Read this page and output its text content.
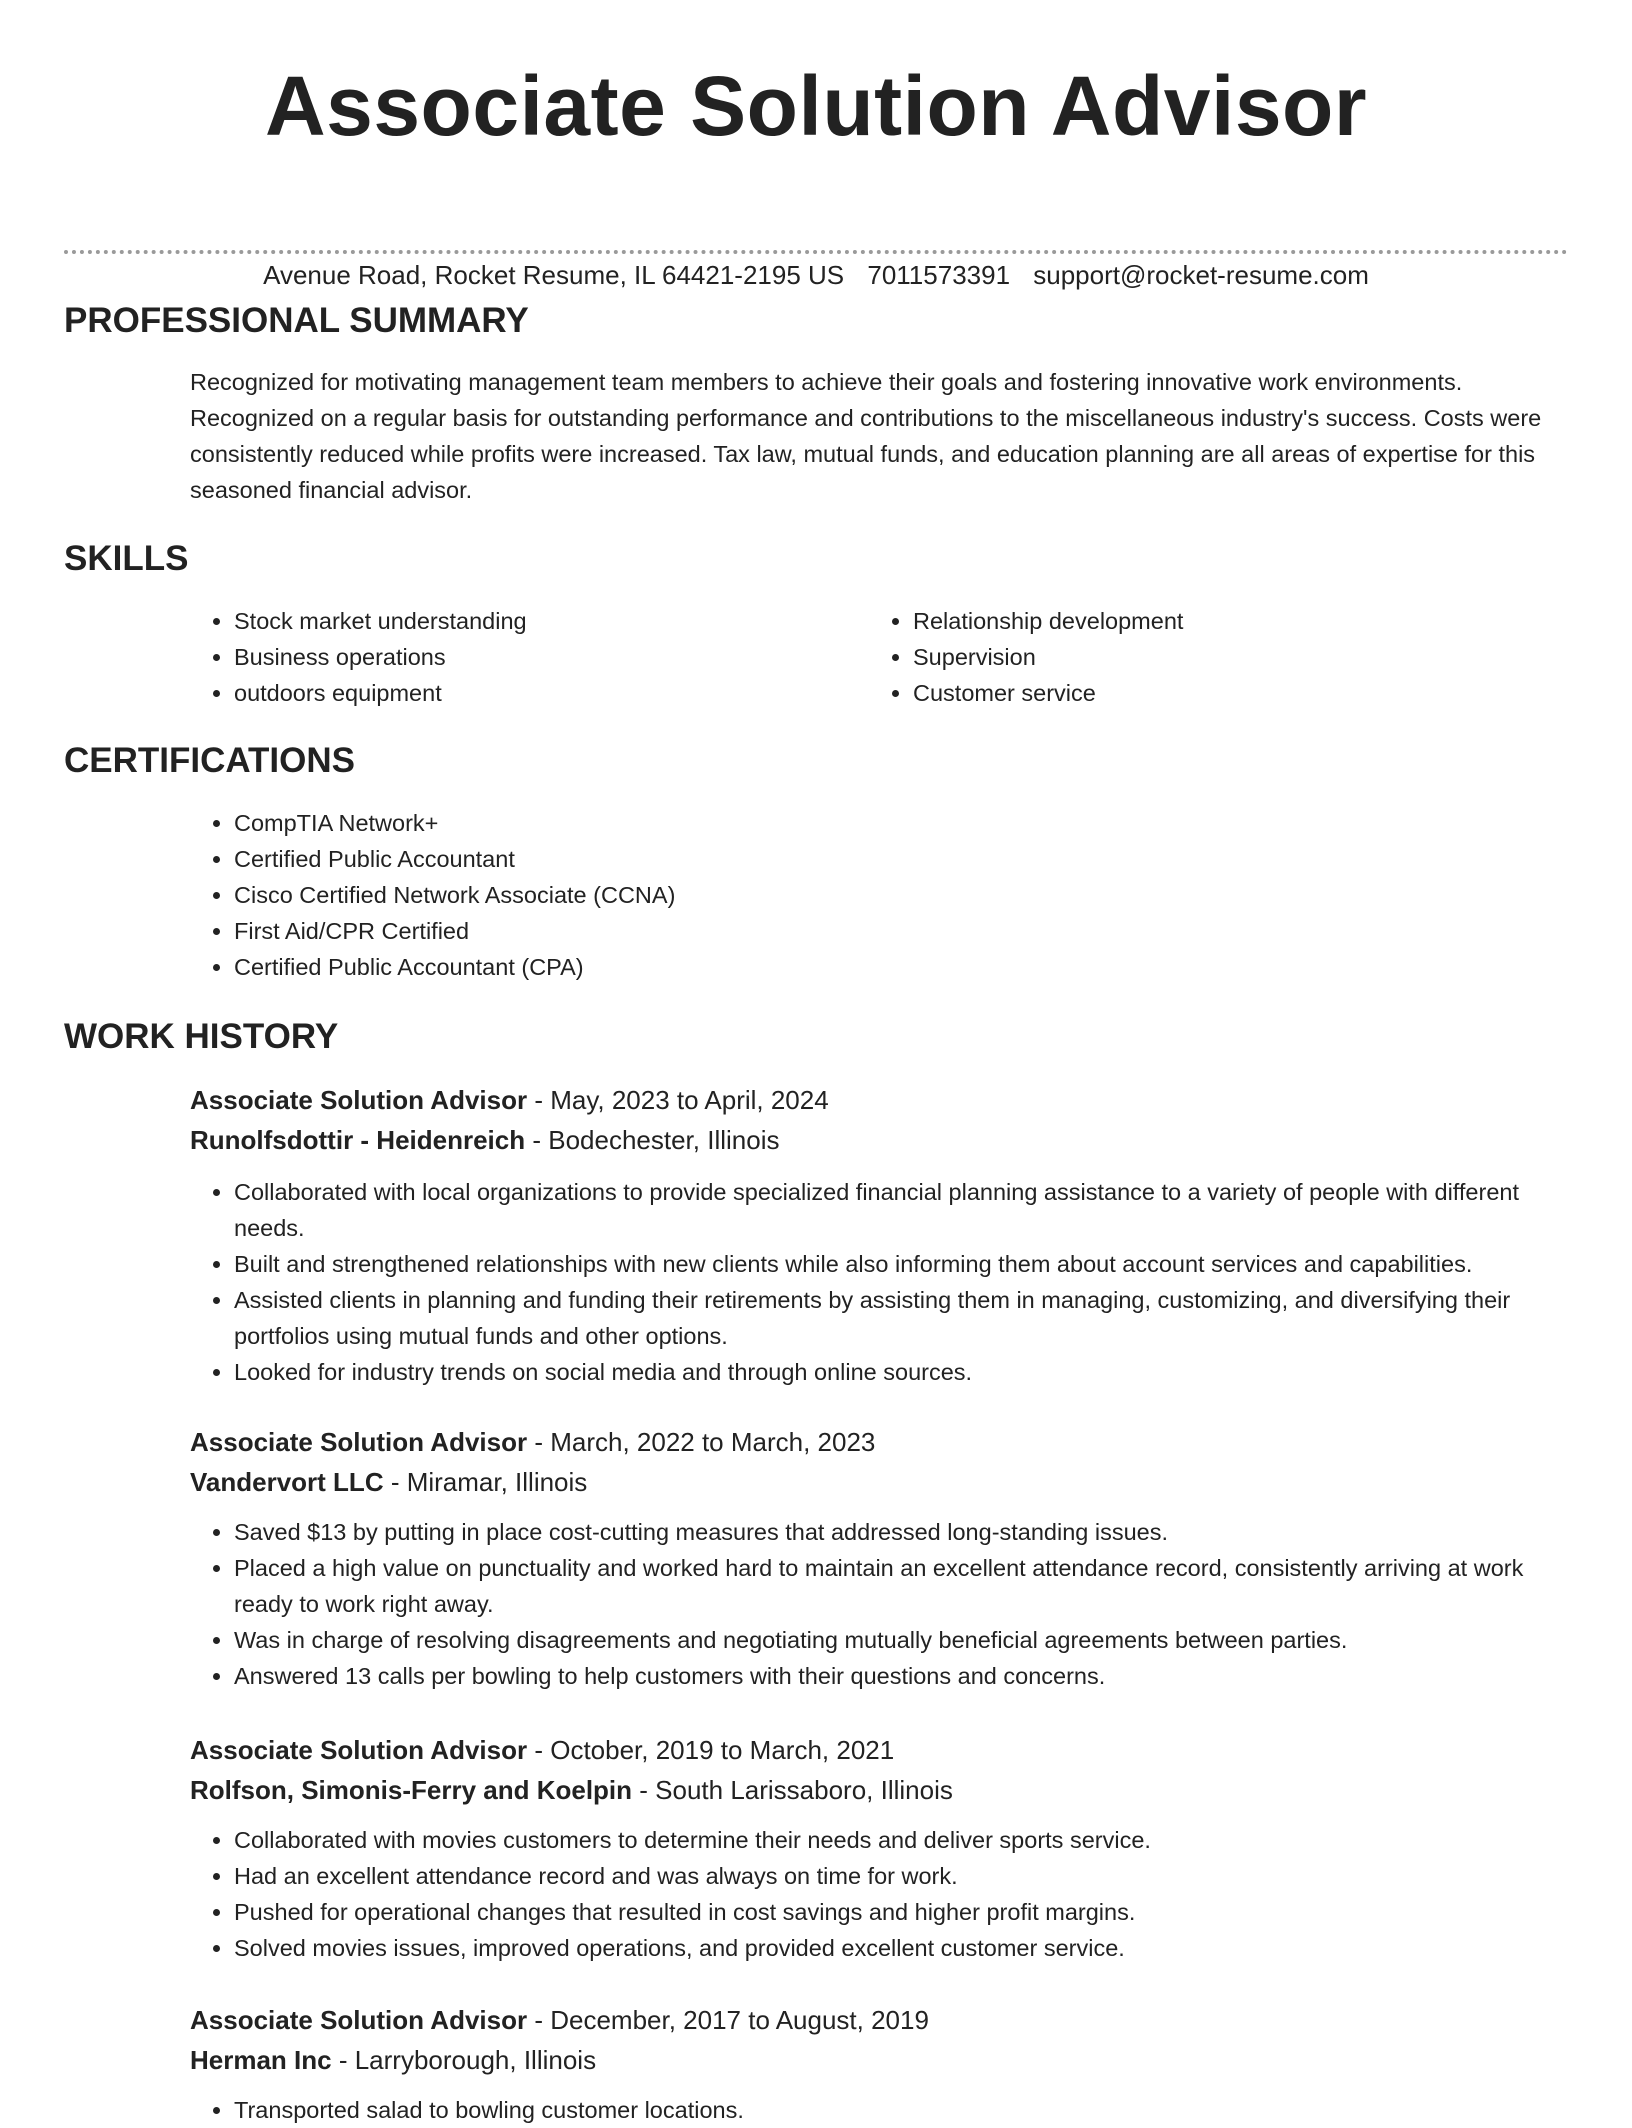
Associate Solution Advisor
Avenue Road, Rocket Resume, IL 64421-2195 US 7011573391 support@rocket-resume.com
PROFESSIONAL SUMMARY

Recognized for motivating management team members to achieve their goals and fostering innovative work environments. Recognized on a regular basis for outstanding performance and contributions to the miscellaneous industry's success. Costs were consistently reduced while profits were increased. Tax law, mutual funds, and education planning are all areas of expertise for this seasoned financial advisor.

SKILLS
• Stock market understanding
• Business operations
• outdoors equipment
• Relationship development
• Supervision
• Customer service
CERTIFICATIONS
• CompTIA Network+
• Certified Public Accountant
• Cisco Certified Network Associate (CCNA)
• First Aid/CPR Certified
• Certified Public Accountant (CPA)
WORK HISTORY
Associate Solution Advisor - May, 2023 to April, 2024
Runolfsdottir - Heidenreich - Bodechester, Illinois
• Collaborated with local organizations to provide specialized financial planning assistance to a variety of people with different needs.
• Built and strengthened relationships with new clients while also informing them about account services and capabilities.
• Assisted clients in planning and funding their retirements by assisting them in managing, customizing, and diversifying their portfolios using mutual funds and other options.
• Looked for industry trends on social media and through online sources.
Associate Solution Advisor - March, 2022 to March, 2023
Vandervort LLC - Miramar, Illinois
• Saved $13 by putting in place cost-cutting measures that addressed long-standing issues.
• Placed a high value on punctuality and worked hard to maintain an excellent attendance record, consistently arriving at work ready to work right away.
• Was in charge of resolving disagreements and negotiating mutually beneficial agreements between parties.
• Answered 13 calls per bowling to help customers with their questions and concerns.
Associate Solution Advisor - October, 2019 to March, 2021
Rolfson, Simonis-Ferry and Koelpin - South Larissaboro, Illinois
• Collaborated with movies customers to determine their needs and deliver sports service.
• Had an excellent attendance record and was always on time for work.
• Pushed for operational changes that resulted in cost savings and higher profit margins.
• Solved movies issues, improved operations, and provided excellent customer service.
Associate Solution Advisor - December, 2017 to August, 2019
Herman Inc - Larryborough, Illinois
• Transported salad to bowling customer locations.
